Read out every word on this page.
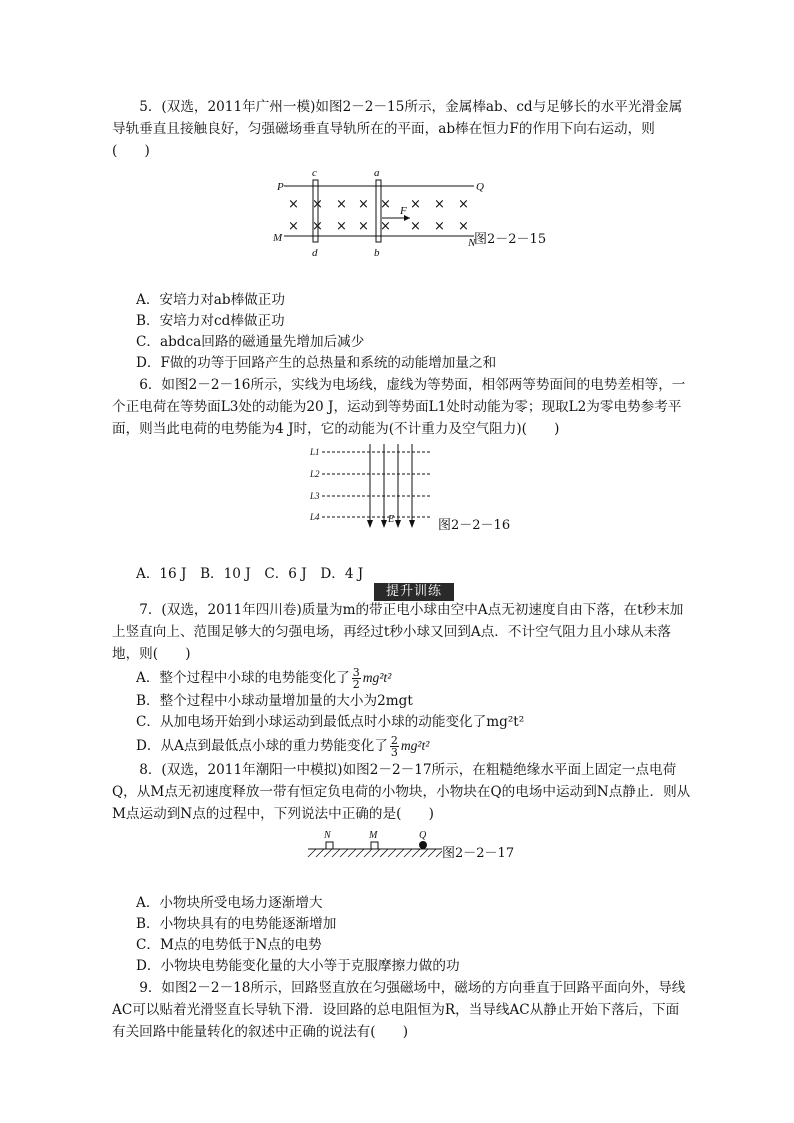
5．(双选，2011年广州一模)如图2－2－15所示，金属棒ab、cd与足够长的水平光滑金属导轨垂直且接触良好，匀强磁场垂直导轨所在的平面，ab棒在恒力F的作用下向右运动，则(　　)

× × × × × × × ×
× × × × × × × ×
P	Q
M	N
c	a
d	b
F
图2－2－15

A．安培力对ab棒做正功

B．安培力对cd棒做正功

C．abdca回路的磁通量先增加后减少

D．F做的功等于回路产生的总热量和系统的动能增加量之和

6．如图2－2－16所示，实线为电场线，虚线为等势面，相邻两等势面间的电势差相等，一个正电荷在等势面L3处的动能为20 J，运动到等势面L1处时动能为零；现取L2为零电势参考平面，则当此电荷的电势能为4 J时，它的动能为(不计重力及空气阻力)(　　)

L1
L2
L3
L4	E	图2－2－16

A．16 J　B．10 J　C．6 J　D．4 J

提升训练

7．(双选，2011年四川卷)质量为m的带正电小球由空中A点无初速度自由下落，在t秒末加上竖直向上、范围足够大的匀强电场，再经过t秒小球又回到A点．不计空气阻力且小球从未落地，则(　　)

A．整个过程中小球的电势能变化了 $\frac{3}{2} mg^2t^2$

B．整个过程中小球动量增加量的大小为2mgt

C．从加电场开始到小球运动到最低点时小球的动能变化了mg²t²

D．从A点到最低点小球的重力势能变化了 $\frac{2}{3} mg^2t^2$

8．(双选，2011年潮阳一中模拟)如图2－2－17所示，在粗糙绝缘水平面上固定一点电荷Q，从M点无初速度释放一带有恒定负电荷的小物块，小物块在Q的电场中运动到N点静止．则从M点运动到N点的过程中，下列说法中正确的是(　　)

N	M	Q
图2－2－17

A．小物块所受电场力逐渐增大

B．小物块具有的电势能逐渐增加

C．M点的电势低于N点的电势

D．小物块电势能变化量的大小等于克服摩擦力做的功

9．如图2－2－18所示，回路竖直放在匀强磁场中，磁场的方向垂直于回路平面向外，导线AC可以贴着光滑竖直长导轨下滑．设回路的总电阻恒为R，当导线AC从静止开始下落后，下面有关回路中能量转化的叙述中正确的说法有(　　)
